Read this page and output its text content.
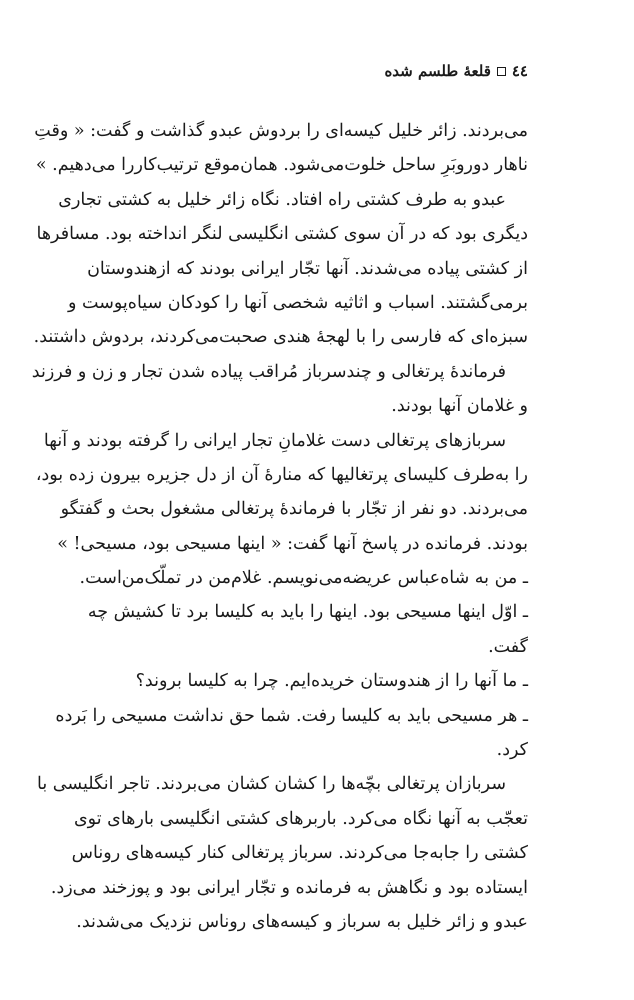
٤٤
قلعهٔ طلسم شده
می‌بردند. زائر خلیل کیسه‌ای را بردوش عبدو گذاشت و گفت: « وقتِ
ناهار دوروبَرِ ساحل خلوت‌می‌شود. همان‌موقع ترتیب‌کاررا می‌دهیم. »
عبدو به طرف کشتی راه افتاد. نگاه زائر خلیل به کشتی تجاری
دیگری بود که در آن سوی کشتی انگلیسی لنگر انداخته بود. مسافرها
از کشتی پیاده می‌شدند. آنها تجّار ایرانی بودند که ازهندوستان
برمی‌گشتند. اسباب و اثاثیه شخصی آنها را کودکان سیاه‌پوست و
سبزه‌ای که فارسی را با لهجهٔ هندی صحبت‌می‌کردند، بردوش داشتند.
فرماندهٔ پرتغالی و چندسرباز مُراقب پیاده شدن تجار و زن و فرزند
و غلامان آنها بودند.
سربازهای پرتغالی دست غلامانِ تجار ایرانی را گرفته بودند و آنها
را به‌طرف کلیسای پرتغالیها که منارهٔ آن از دل جزیره بیرون زده بود،
می‌بردند. دو نفر از تجّار با فرماندهٔ پرتغالی مشغول بحث و گفتگو
بودند. فرمانده در پاسخ آنها گفت: « اینها مسیحی بود، مسیحی! »
ـ من به شاه‌عباس عریضه‌می‌نویسم. غلام‌من در تملّک‌من‌است.
ـ اوّل اینها مسیحی بود. اینها را باید به کلیسا برد تا کشیش چه
گفت.
ـ ما آنها را از هندوستان خریده‌ایم. چرا به کلیسا بروند؟
ـ هر مسیحی باید به کلیسا رفت. شما حق نداشت مسیحی را بَرده
کرد.
سربازان پرتغالی بچّه‌ها را کشان کشان می‌بردند. تاجر انگلیسی با
تعجّب به آنها نگاه می‌کرد. باربرهای کشتی انگلیسی بارهای توی
کشتی را جابه‌جا می‌کردند. سرباز پرتغالی کنار کیسه‌های روناس
ایستاده بود و نگاهش به فرمانده و تجّار ایرانی بود و پوزخند می‌زد.
عبدو و زائر خلیل به سرباز و کیسه‌های روناس نزدیک می‌شدند.
